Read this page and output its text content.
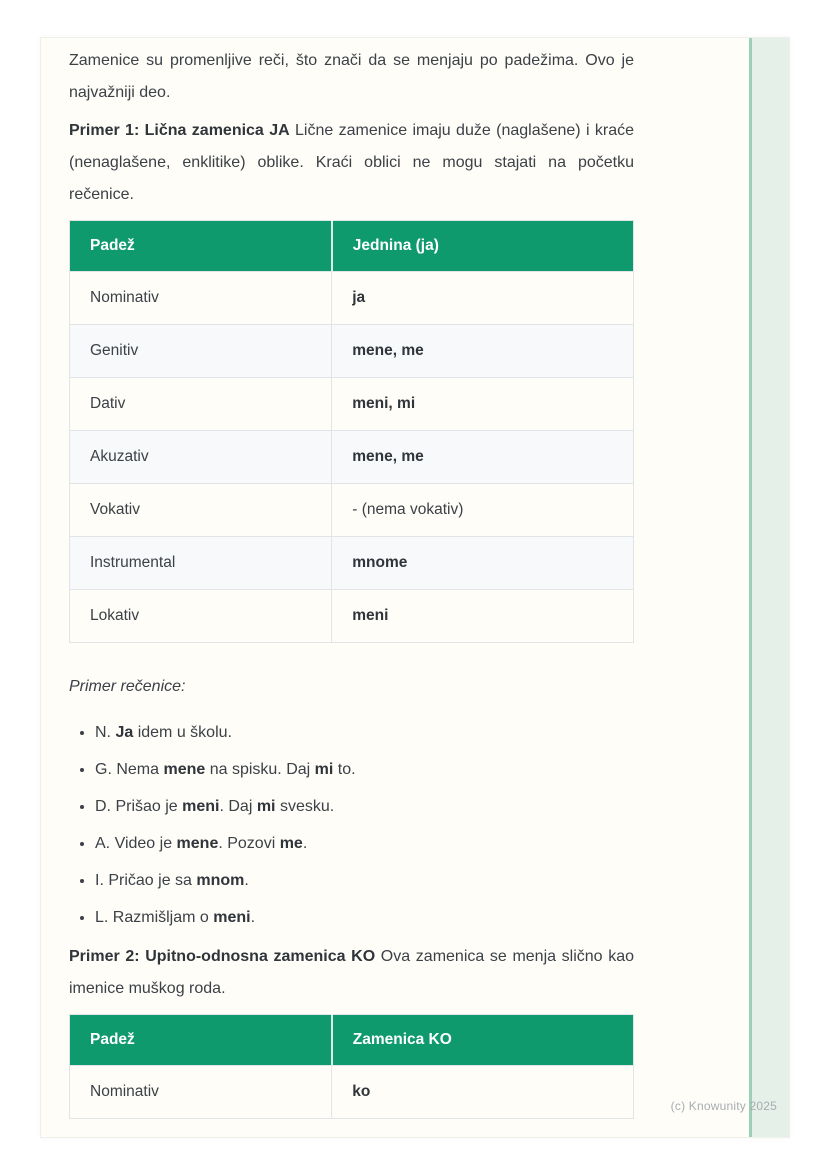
Zamenice su promenljive reči, što znači da se menjaju po padežima. Ovo je najvažniji deo.

Primer 1: Lična zamenica JA Lične zamenice imaju duže (naglašene) i kraće (nenaglašene, enklitike) oblike. Kraći oblici ne mogu stajati na početku rečenice.

Padež	Jednina (ja)
Nominativ	ja
Genitiv	mene, me
Dativ	meni, mi
Akuzativ	mene, me
Vokativ	- (nema vokativ)
Instrumental	mnome
Lokativ	meni

Primer rečenice:

• N. Ja idem u školu.
• G. Nema mene na spisku. Daj mi to.
• D. Prišao je meni. Daj mi svesku.
• A. Video je mene. Pozovi me.
• I. Pričao je sa mnom.
• L. Razmišljam o meni.

Primer 2: Upitno-odnosna zamenica KO Ova zamenica se menja slično kao imenice muškog roda.

Padež	Zamenica KO
Nominativ	ko
(c) Knowunity 2025
